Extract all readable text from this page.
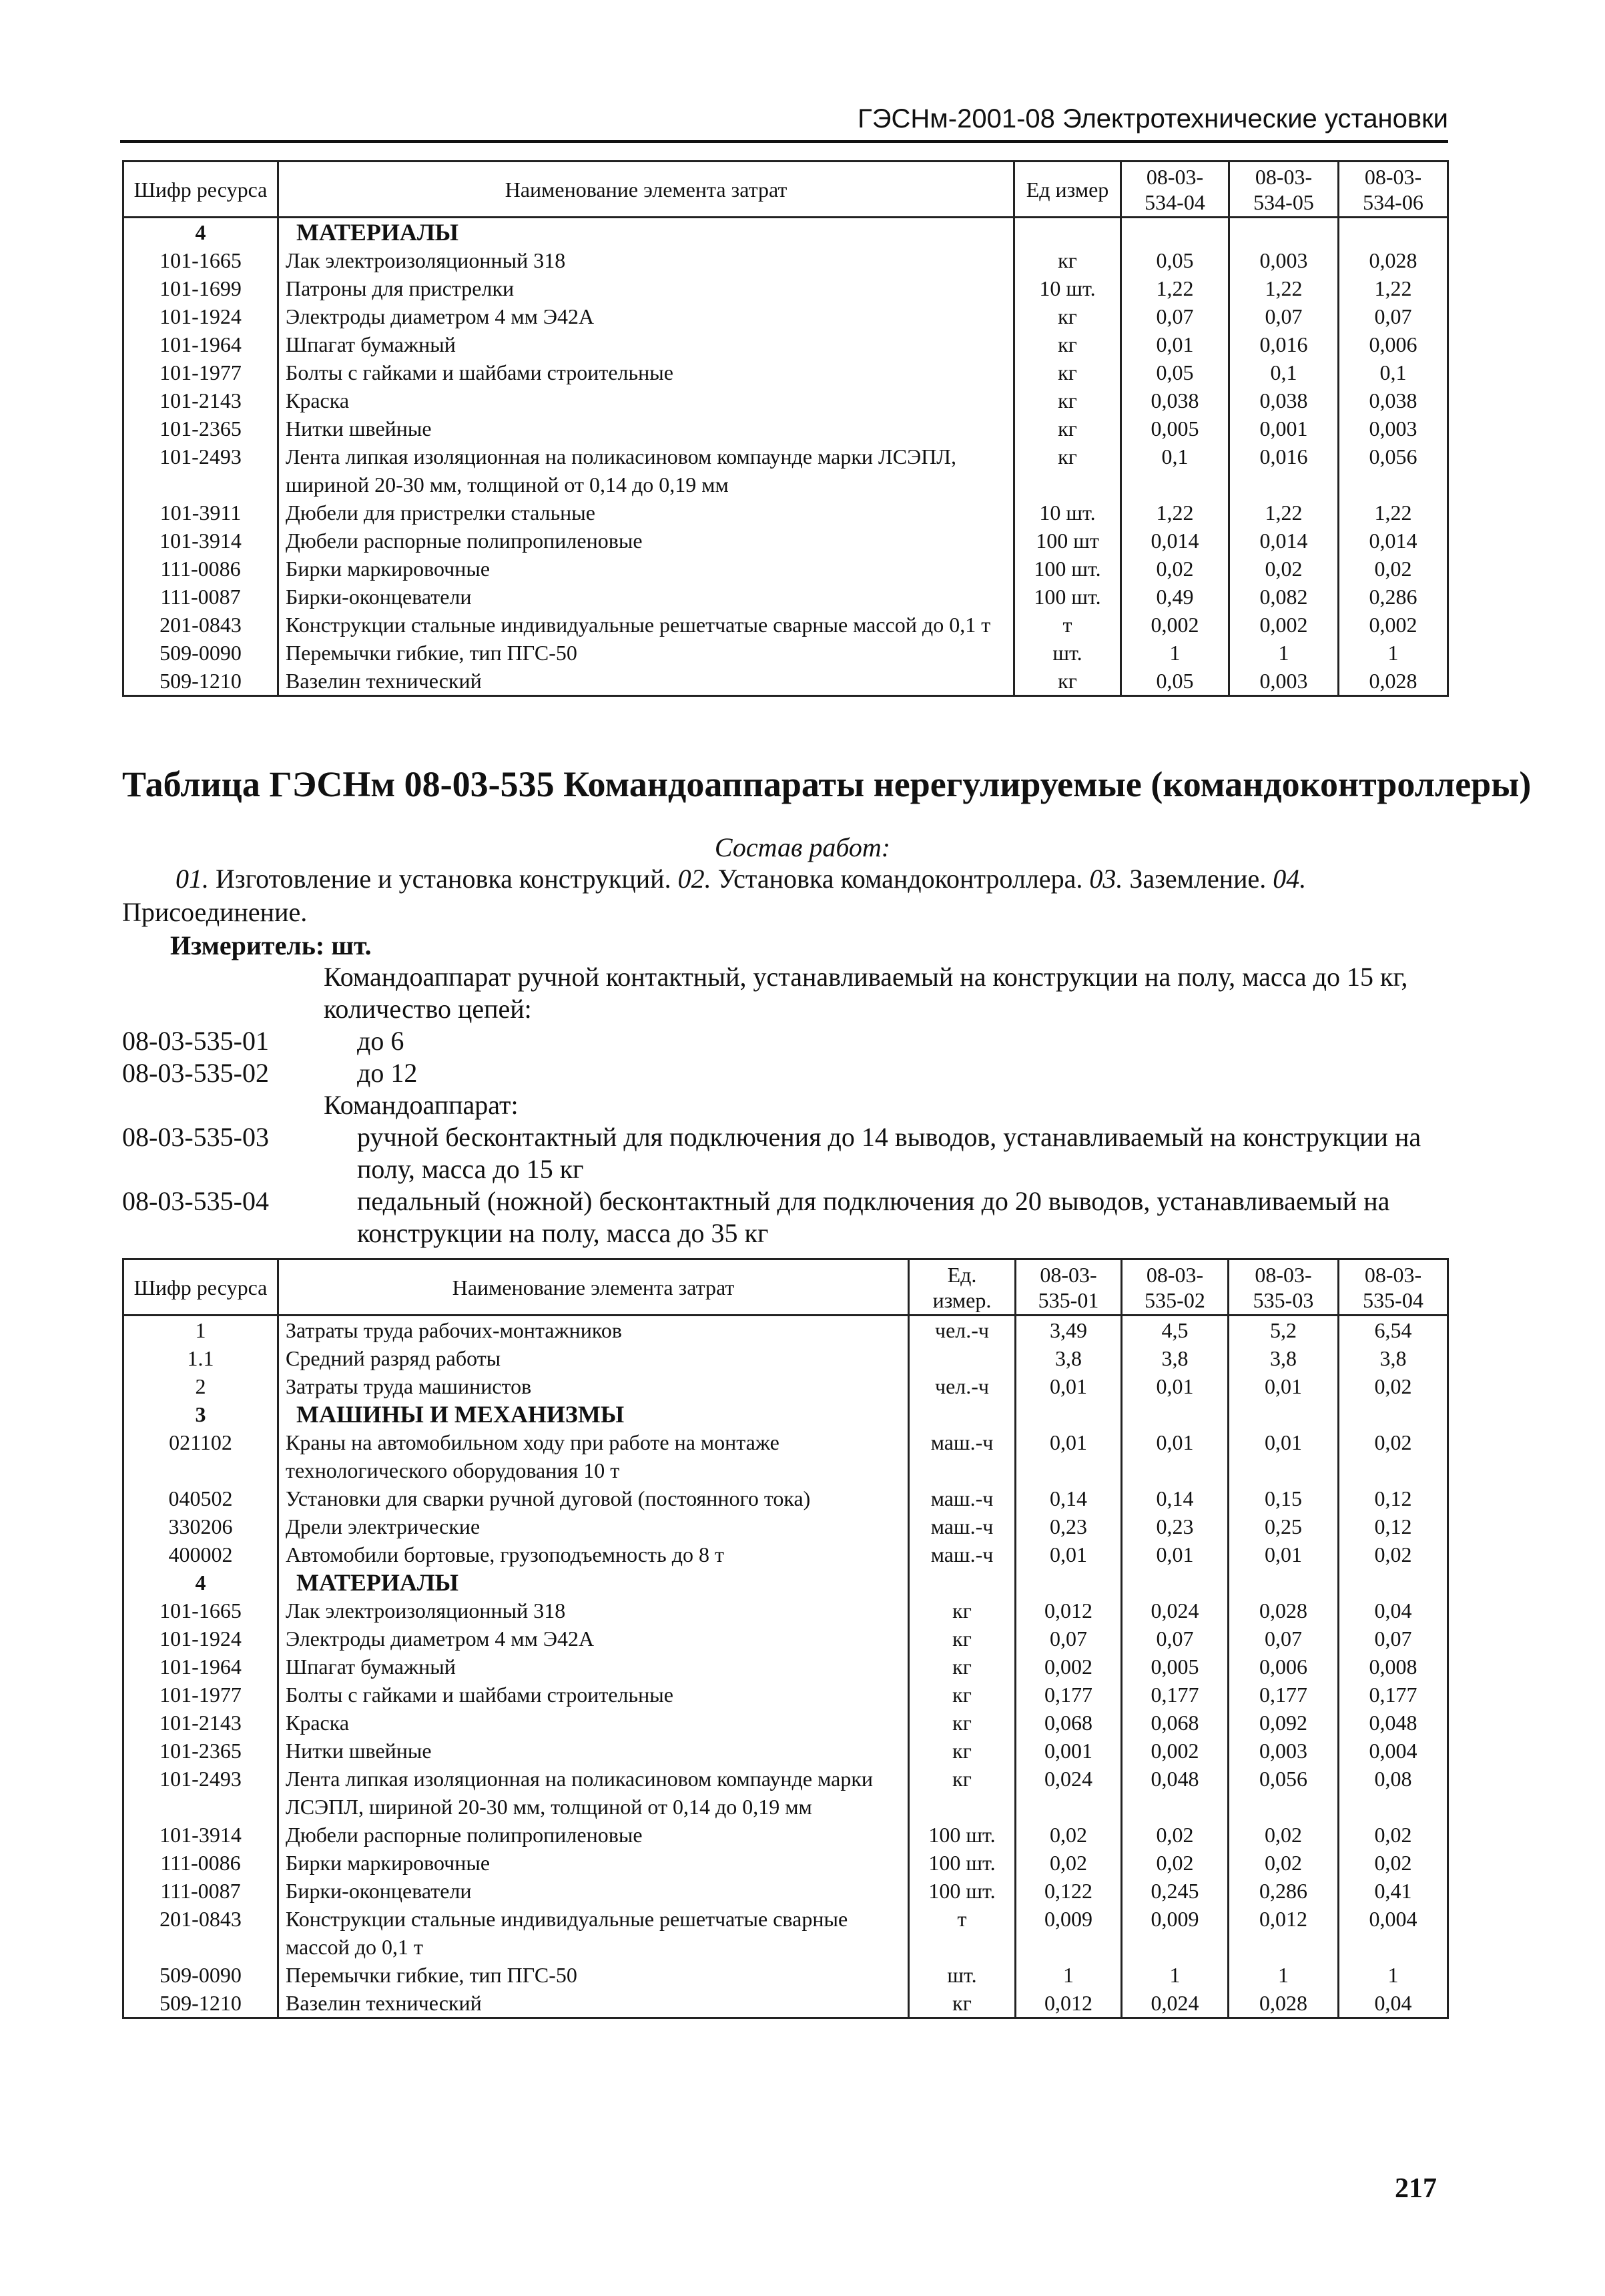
ГЭСНм-2001-08 Электротехнические установки
Шифр ресурса	Наименование элемента затрат	Ед измер	08-03-534-04	08-03-534-05	08-03-534-06
4	МАТЕРИАЛЫ				
101-1665	Лак электроизоляционный 318	кг	0,05	0,003	0,028
101-1699	Патроны для пристрелки	10 шт.	1,22	1,22	1,22
101-1924	Электроды диаметром 4 мм Э42А	кг	0,07	0,07	0,07
101-1964	Шпагат бумажный	кг	0,01	0,016	0,006
101-1977	Болты с гайками и шайбами строительные	кг	0,05	0,1	0,1
101-2143	Краска	кг	0,038	0,038	0,038
101-2365	Нитки швейные	кг	0,005	0,001	0,003
101-2493	Лента липкая изоляционная на поликасиновом компаунде марки ЛСЭПЛ, шириной 20-30 мм, толщиной от 0,14 до 0,19 мм	кг	0,1	0,016	0,056
101-3911	Дюбели для пристрелки стальные	10 шт.	1,22	1,22	1,22
101-3914	Дюбели распорные полипропиленовые	100 шт	0,014	0,014	0,014
111-0086	Бирки маркировочные	100 шт.	0,02	0,02	0,02
111-0087	Бирки-оконцеватели	100 шт.	0,49	0,082	0,286
201-0843	Конструкции стальные индивидуальные решетчатые сварные массой до 0,1 т	т	0,002	0,002	0,002
509-0090	Перемычки гибкие, тип ПГС-50	шт.	1	1	1
509-1210	Вазелин технический	кг	0,05	0,003	0,028
Таблица ГЭСНм 08-03-535 Командоаппараты нерегулируемые (командоконтроллеры)
Состав работ:
01. Изготовление и установка конструкций. 02. Установка командоконтроллера. 03. Заземление. 04. Присоединение.
Измеритель: шт.
Командоаппарат ручной контактный, устанавливаемый на конструкции на полу, масса до 15 кг, количество цепей:
08-03-535-01	до 6
08-03-535-02	до 12
Командоаппарат:
08-03-535-03	ручной бесконтактный для подключения до 14 выводов, устанавливаемый на конструкции на полу, масса до 15 кг
08-03-535-04	педальный (ножной) бесконтактный для подключения до 20 выводов, устанавливаемый на конструкции на полу, масса до 35 кг
Шифр ресурса	Наименование элемента затрат	Ед. измер.	08-03-535-01	08-03-535-02	08-03-535-03	08-03-535-04
1	Затраты труда рабочих-монтажников	чел.-ч	3,49	4,5	5,2	6,54
1.1	Средний разряд работы		3,8	3,8	3,8	3,8
2	Затраты труда машинистов	чел.-ч	0,01	0,01	0,01	0,02
3	МАШИНЫ И МЕХАНИЗМЫ					
021102	Краны на автомобильном ходу при работе на монтаже технологического оборудования 10 т	маш.-ч	0,01	0,01	0,01	0,02
040502	Установки для сварки ручной дуговой (постоянного тока)	маш.-ч	0,14	0,14	0,15	0,12
330206	Дрели электрические	маш.-ч	0,23	0,23	0,25	0,12
400002	Автомобили бортовые, грузоподъемность до 8 т	маш.-ч	0,01	0,01	0,01	0,02
4	МАТЕРИАЛЫ					
101-1665	Лак электроизоляционный 318	кг	0,012	0,024	0,028	0,04
101-1924	Электроды диаметром 4 мм Э42А	кг	0,07	0,07	0,07	0,07
101-1964	Шпагат бумажный	кг	0,002	0,005	0,006	0,008
101-1977	Болты с гайками и шайбами строительные	кг	0,177	0,177	0,177	0,177
101-2143	Краска	кг	0,068	0,068	0,092	0,048
101-2365	Нитки швейные	кг	0,001	0,002	0,003	0,004
101-2493	Лента липкая изоляционная на поликасиновом компаунде марки ЛСЭПЛ, шириной 20-30 мм, толщиной от 0,14 до 0,19 мм	кг	0,024	0,048	0,056	0,08
101-3914	Дюбели распорные полипропиленовые	100 шт.	0,02	0,02	0,02	0,02
111-0086	Бирки маркировочные	100 шт.	0,02	0,02	0,02	0,02
111-0087	Бирки-оконцеватели	100 шт.	0,122	0,245	0,286	0,41
201-0843	Конструкции стальные индивидуальные решетчатые сварные массой до 0,1 т	т	0,009	0,009	0,012	0,004
509-0090	Перемычки гибкие, тип ПГС-50	шт.	1	1	1	1
509-1210	Вазелин технический	кг	0,012	0,024	0,028	0,04
217
